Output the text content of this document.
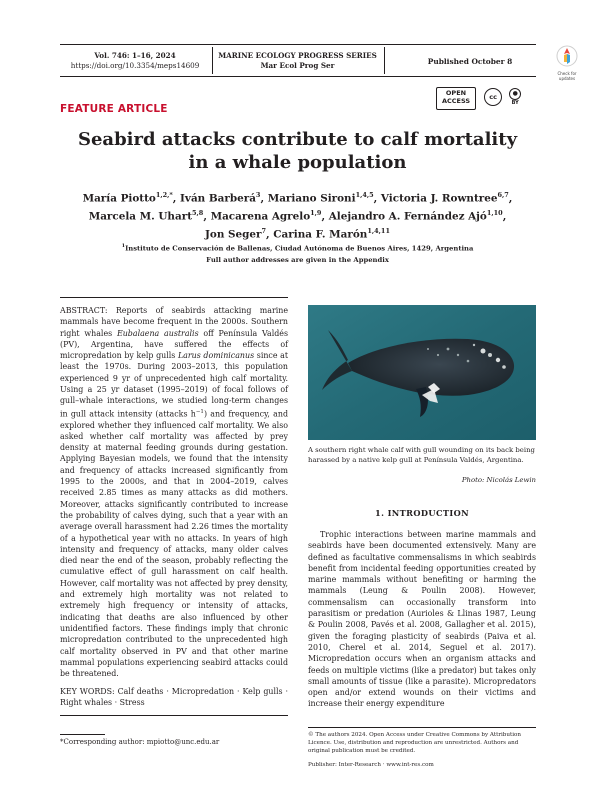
Vol. 746: 1–16, 2024
https://doi.org/10.3354/meps14609
MARINE ECOLOGY PROGRESS SERIES
Mar Ecol Prog Ser	Published October 8
Check for updates
FEATURE ARTICLE
OPEN
ACCESS	cc	●
BY
Seabird attacks contribute to calf mortality
in a whale population
María Piotto$^{1,2,*}$, Iván Barberá$^3$, Mariano Sironi$^{1,4,5}$, Victoria J. Rowntree$^{6,7}$,
Marcela M. Uhart$^{5,8}$, Macarena Agrelo$^{1,9}$, Alejandro A. Fernández Ajó$^{1,10}$,
Jon Seger$^7$, Carina F. Marón$^{1,4,11}$
$^1$Instituto de Conservación de Ballenas, Ciudad Autónoma de Buenos Aires, 1429, Argentina
Full author addresses are given in the Appendix
ABSTRACT: Reports of seabirds attacking marine mammals have become frequent in the 2000s. Southern right whales Eubalaena australis off Península Valdés (PV), Argentina, have suffered the effects of micropredation by kelp gulls Larus dominicanus since at least the 1970s. During 2003–2013, this population experienced 9 yr of unprecedented high calf mortality. Using a 25 yr dataset (1995–2019) of focal follows of gull–whale interactions, we studied long-term changes in gull attack intensity (attacks $h^{-1}$) and frequency, and explored whether they influenced calf mortality. We also asked whether calf mortality was affected by prey density at maternal feeding grounds during gestation. Applying Bayesian models, we found that the intensity and frequency of attacks increased significantly from 1995 to the 2000s, and that in 2004–2019, calves received 2.85 times as many attacks as did mothers. Moreover, attacks significantly contributed to increase the probability of calves dying, such that a year with an average overall harassment had 2.26 times the mortality of a hypothetical year with no attacks. In years of high intensity and frequency of attacks, many older calves died near the end of the season, probably reflecting the cumulative effect of gull harassment on calf health. However, calf mortality was not affected by prey density, and extremely high mortality was not related to extremely high frequency or intensity of attacks, indicating that deaths are also influenced by other unidentified factors. These findings imply that chronic micropredation contributed to the unprecedented high calf mortality observed in PV and that other marine mammal populations experiencing seabird attacks could be threatened.
KEY WORDS: Calf deaths · Micropredation · Kelp gulls · Right whales · Stress
*Corresponding author: mpiotto@unc.edu.ar
A southern right whale calf with gull wounding on its back being harassed by a native kelp gull at Península Valdés, Argentina.
Photo: Nicolás Lewin
1. INTRODUCTION
Trophic interactions between marine mammals and seabirds have been documented extensively. Many are defined as facultative commensalisms in which seabirds benefit from incidental feeding opportunities created by marine mammals without benefiting or harming the mammals (Leung & Poulin 2008). However, commensalism can occasionally transform into parasitism or predation (Aurioles & Llinas 1987, Leung & Poulin 2008, Pavés et al. 2008, Gallagher et al. 2015), given the foraging plasticity of seabirds (Paiva et al. 2010, Cherel et al. 2014, Seguel et al. 2017). Micropredation occurs when an organism attacks and feeds on multiple victims (like a predator) but takes only small amounts of tissue (like a parasite). Micropredators open and/or extend wounds on their victims and increase their energy expenditure
© The authors 2024. Open Access under Creative Commons by Attribution Licence. Use, distribution and reproduction are unrestricted. Authors and original publication must be credited.
Publisher: Inter-Research · www.int-res.com
